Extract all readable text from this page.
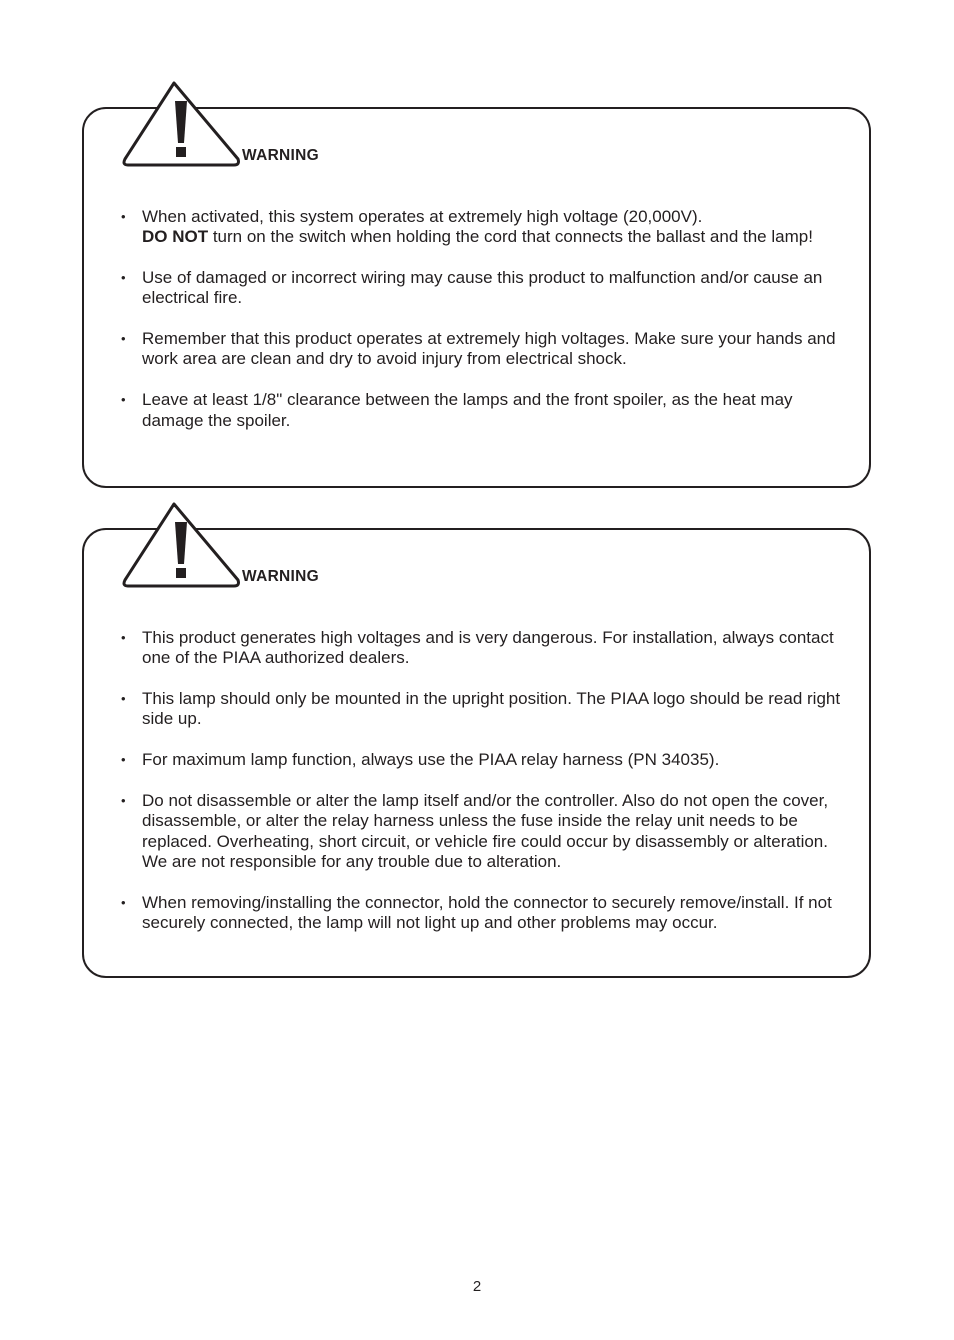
WARNING
• When activated, this system operates at extremely high voltage (20,000V).
DO NOT turn on the switch when holding the cord that connects the ballast and the lamp!
• Use of damaged or incorrect wiring may cause this product to malfunction and/or cause an electrical fire.
• Remember that this product operates at extremely high voltages. Make sure your hands and work area are clean and dry to avoid injury from electrical shock.
• Leave at least 1/8" clearance between the lamps and the front spoiler, as the heat may damage the spoiler.
WARNING
• This product generates high voltages and is very dangerous. For installation, always contact one of the PIAA authorized dealers.
• This lamp should only be mounted in the upright position. The PIAA logo should be read right side up.
• For maximum lamp function, always use the PIAA relay harness (PN 34035).
• Do not disassemble or alter the lamp itself and/or the controller. Also do not open the cover, disassemble, or alter the relay harness unless the fuse inside the relay unit needs to be replaced. Overheating, short circuit, or vehicle fire could occur by disassembly or alteration. We are not responsible for any trouble due to alteration.
• When removing/installing the connector, hold the connector to securely remove/install. If not securely connected, the lamp will not light up and other problems may occur.
2
